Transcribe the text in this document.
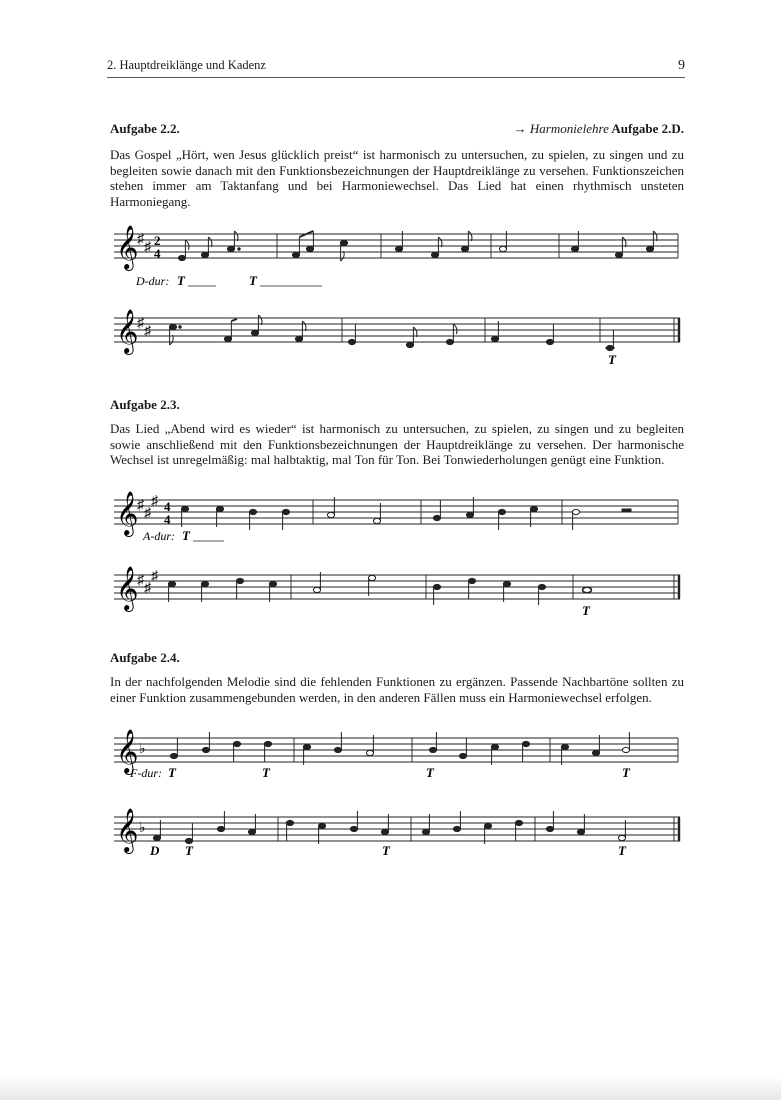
2. Hauptdreiklänge und Kadenz	9
Aufgabe 2.2.	→ Harmonielehre Aufgabe 2.D.
Das Gospel „Hört, wen Jesus glücklich preist“ ist harmonisch zu untersuchen, zu spielen, zu singen und zu begleiten sowie danach mit den Funktionsbezeichnungen der Hauptdreiklänge zu versehen. Funktionszeichen stehen immer am Taktanfang und bei Harmoniewechsel. Das Lied hat einen rhythmisch unsteten Harmoniegang.
𝄞
♯
♯ 2
4
D-dur: T	T
𝄞
♯
♯
T
Aufgabe 2.3.
Das Lied „Abend wird es wieder“ ist harmonisch zu untersuchen, zu spielen, zu singen und zu begleiten sowie anschließend mit den Funktionsbezeichnungen der Hauptdreiklänge zu versehen. Der harmonische Wechsel ist unregelmäßig: mal halbtaktig, mal Ton für Ton. Bei Tonwiederholungen genügt eine Funktion.
𝄞
♯
♯
♯ 4
4
A-dur: T
𝄞
♯
♯
♯
T
Aufgabe 2.4.
In der nachfolgenden Melodie sind die fehlenden Funktionen zu ergänzen. Passende Nachbartöne sollten zu einer Funktion zusammengebunden werden, in den anderen Fällen muss ein Harmoniewechsel erfolgen.
𝄞 ♭
F-dur: T	T	T	T
𝄞 ♭
D T	T	T
